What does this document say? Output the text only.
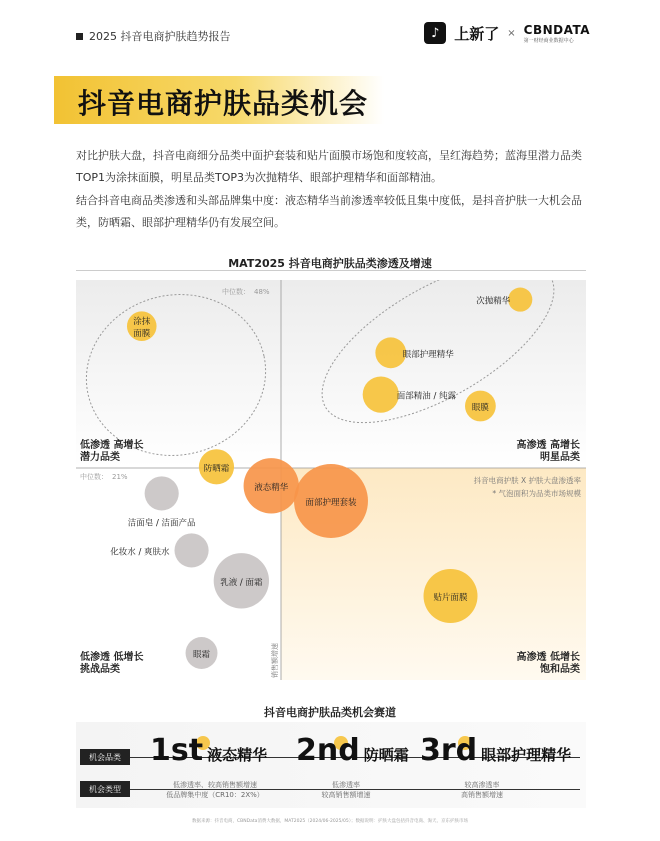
2025 抖音电商护肤趋势报告	♪ 上新了 × CBNDATA
第一财经商业数据中心
抖音电商护肤品类机会

对比护肤大盘，抖音电商细分品类中面护套装和贴片面膜市场饱和度较高，呈红海趋势；蓝海里潜力品类TOP1为涂抹面膜，明星品类TOP3为次抛精华、眼部护理精华和面部精油。

结合抖音电商品类渗透和头部品牌集中度：液态精华当前渗透率较低且集中度低，是抖音护肤一大机会品类，防晒霜、眼部护理精华仍有发展空间。

MAT2025 抖音电商护肤品类渗透及增速
中位数： 48%
中位数： 21%	抖音电商护肤 X 护肤大盘渗透率
* 气泡面积为品类市场规模
销售额增速
涂抹面膜
次抛精华
眼部护理精华
面部精油 / 纯露
眼膜
防晒霜
液态精华
面部护理套装
洁面皂 / 洁面产品
化妆水 / 爽肤水
乳液 / 面霜
贴片面膜
眼霜
低渗透 高增长潜力品类
高渗透 高增长明星品类
低渗透 低增长挑战品类
高渗透 低增长饱和品类
抖音电商护肤品类机会赛道
机会品类
机会类型
1st 液态精华 2nd 防晒霜 3rd 眼部护理精华
低渗透率、较高销售额增速
低品牌集中度（CR10：2X%）
低渗透率
较高销售额增速
较高渗透率
高销售额增速
数据来源：抖音电商，CBNData消费大数据，MAT2025（2024/06-2025/05）；数据说明：护肤大盘包括抖音电商、淘天、京东护肤市场
